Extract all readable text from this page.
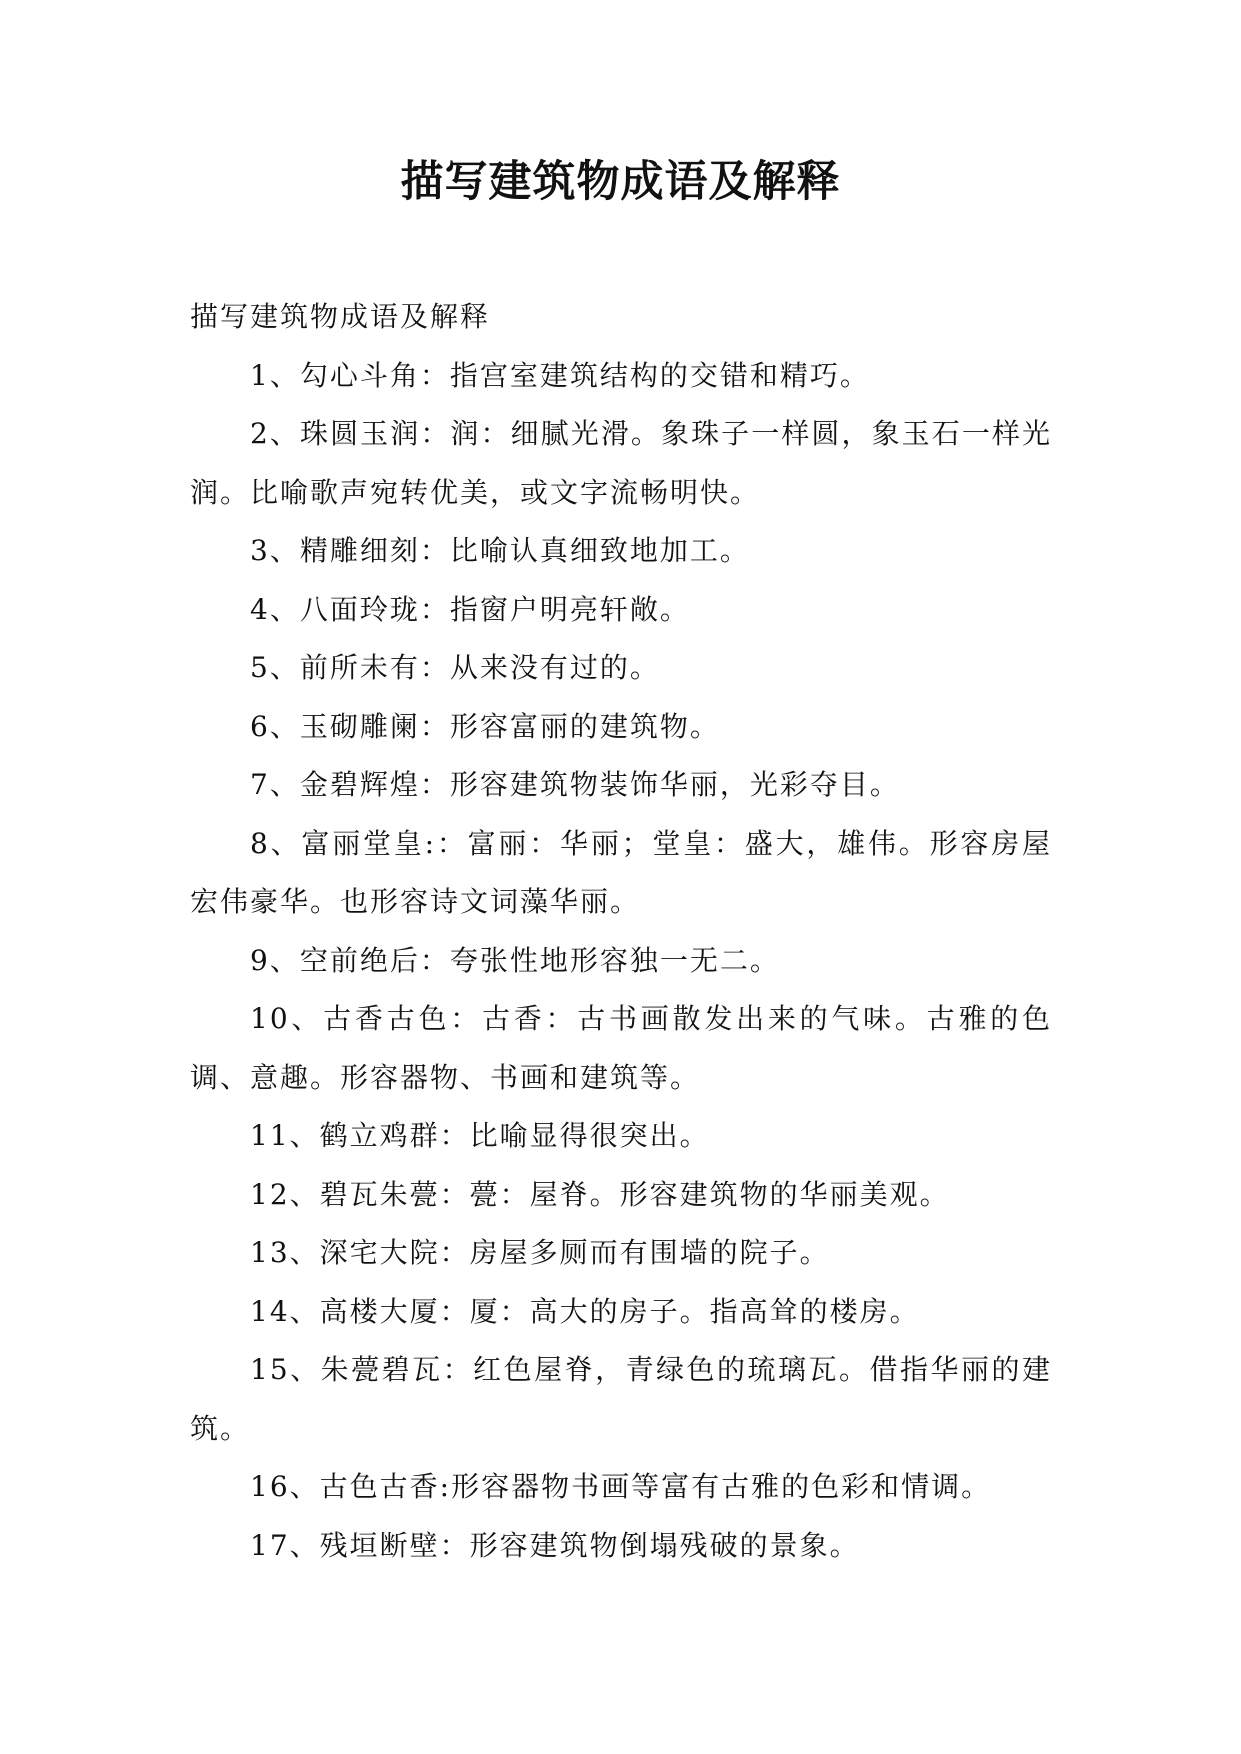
描写建筑物成语及解释

描写建筑物成语及解释

1、勾心斗角：指宫室建筑结构的交错和精巧。

2、珠圆玉润：润：细腻光滑。象珠子一样圆，象玉石一样光润。比喻歌声宛转优美，或文字流畅明快。

3、精雕细刻：比喻认真细致地加工。

4、八面玲珑：指窗户明亮轩敞。

5、前所未有：从来没有过的。

6、玉砌雕阑：形容富丽的建筑物。

7、金碧辉煌：形容建筑物装饰华丽，光彩夺目。

8、富丽堂皇:：富丽：华丽；堂皇：盛大，雄伟。形容房屋宏伟豪华。也形容诗文词藻华丽。

9、空前绝后：夸张性地形容独一无二。

10、古香古色：古香：古书画散发出来的气味。古雅的色调、意趣。形容器物、书画和建筑等。

11、鹤立鸡群：比喻显得很突出。

12、碧瓦朱甍：甍：屋脊。形容建筑物的华丽美观。

13、深宅大院：房屋多厕而有围墙的院子。

14、高楼大厦：厦：高大的房子。指高耸的楼房。

15、朱甍碧瓦：红色屋脊，青绿色的琉璃瓦。借指华丽的建筑。

16、古色古香:形容器物书画等富有古雅的色彩和情调。

17、残垣断壁：形容建筑物倒塌残破的景象。
